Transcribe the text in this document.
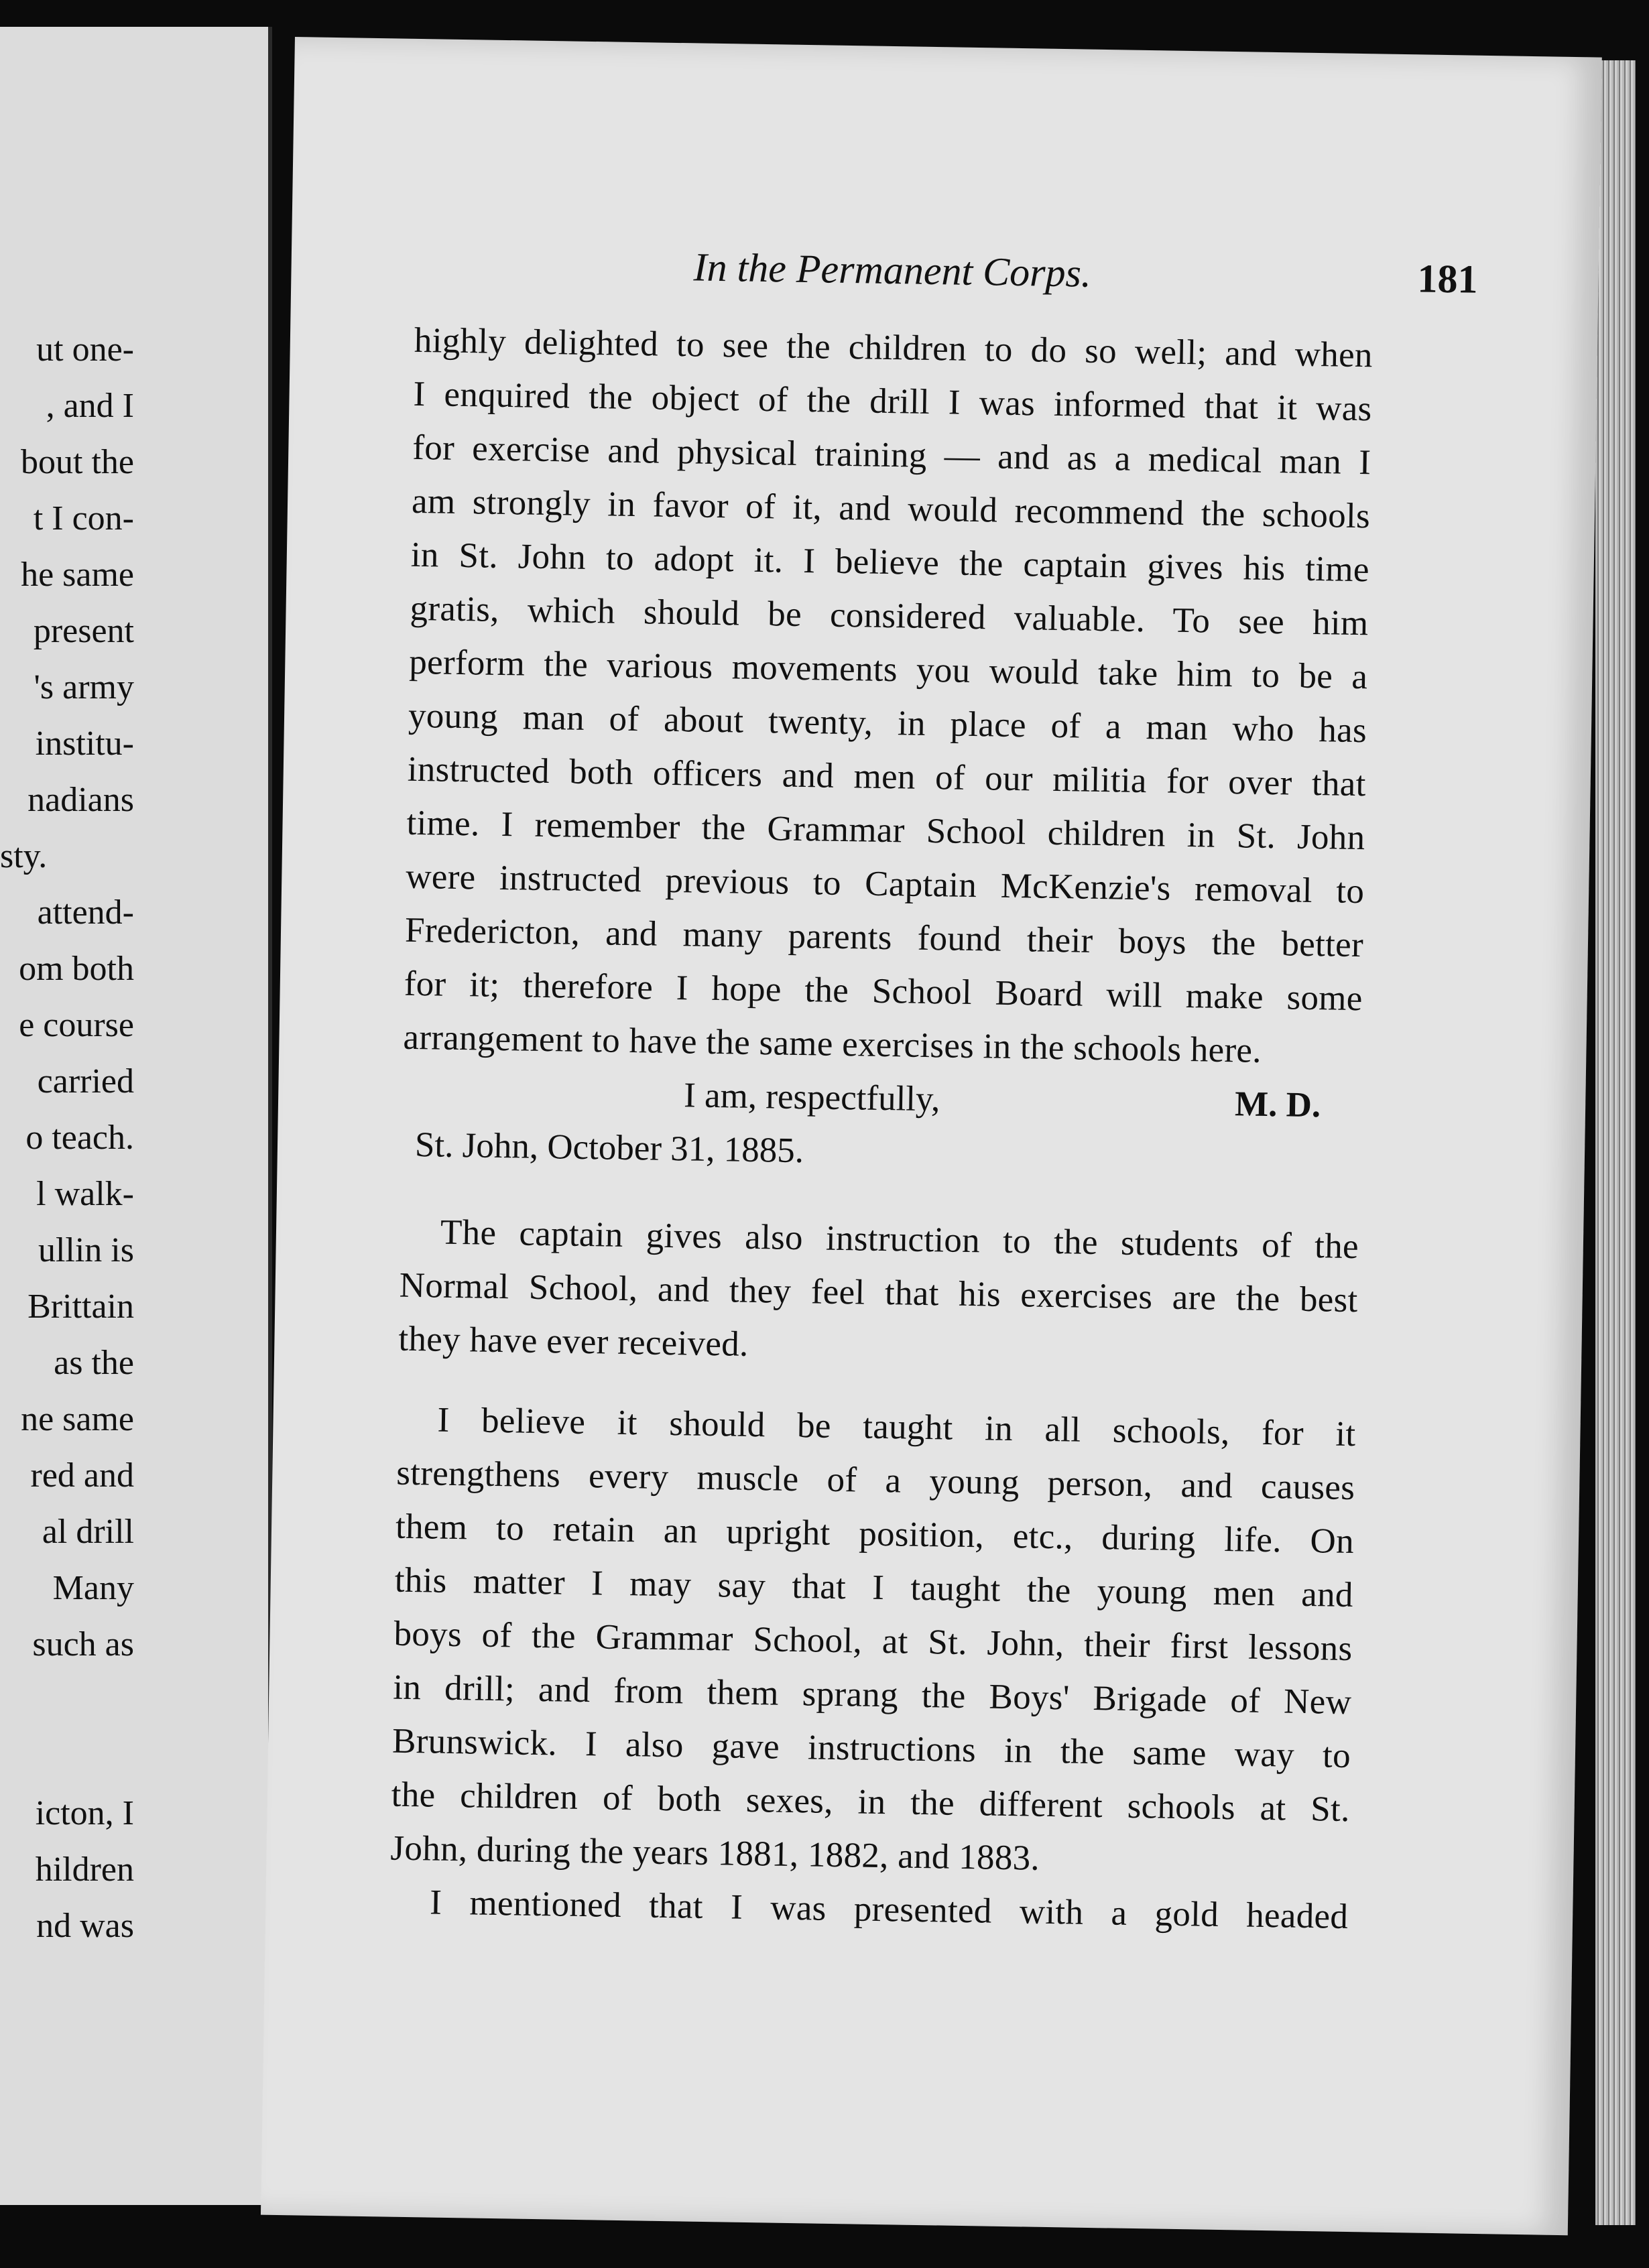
ut one-
, and I
bout the
t I con-
he same
present
's army
institu-
nadians
sty.
attend-
om both
e course
carried
o teach.
l walk-
ullin is
Brittain
as the
ne same
red and
al drill
Many
such as
icton, I
hildren
nd was
In the Permanent Corps.	181
highly delighted to see the children to do so well; and when
I enquired the object of the drill I was informed that it was
for exercise and physical training — and as a medical man I
am strongly in favor of it, and would recommend the schools
in St. John to adopt it. I believe the captain gives his time
gratis, which should be considered valuable. To see him
perform the various movements you would take him to be a
young man of about twenty, in place of a man who has
instructed both officers and men of our militia for over that
time. I remember the Grammar School children in St. John
were instructed previous to Captain McKenzie's removal to
Fredericton, and many parents found their boys the better
for it; therefore I hope the School Board will make some
arrangement to have the same exercises in the schools here.
I am, respectfully,	M. D.
St. John, October 31, 1885.
The captain gives also instruction to the students of the
Normal School, and they feel that his exercises are the best
they have ever received.
I believe it should be taught in all schools, for it
strengthens every muscle of a young person, and causes
them to retain an upright position, etc., during life. On
this matter I may say that I taught the young men and
boys of the Grammar School, at St. John, their first lessons
in drill; and from them sprang the Boys' Brigade of New
Brunswick. I also gave instructions in the same way to
the children of both sexes, in the different schools at St.
John, during the years 1881, 1882, and 1883.
I mentioned that I was presented with a gold headed
